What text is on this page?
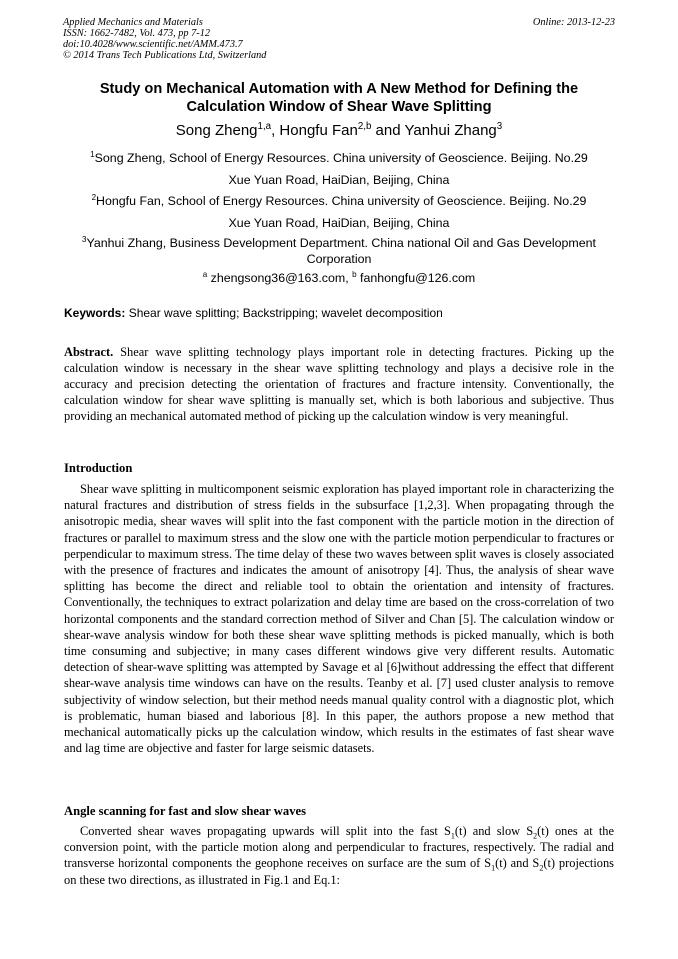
Applied Mechanics and Materials
ISSN: 1662-7482, Vol. 473, pp 7-12
doi:10.4028/www.scientific.net/AMM.473.7
© 2014 Trans Tech Publications Ltd, Switzerland
Online: 2013-12-23
Study on Mechanical Automation with A New Method for Defining the Calculation Window of Shear Wave Splitting
Song Zheng$^{1,a}$, Hongfu Fan$^{2,b}$ and Yanhui Zhang$^3$
$^1$Song Zheng, School of Energy Resources. China university of Geoscience. Beijing. No.29
Xue Yuan Road, HaiDian, Beijing, China
$^2$Hongfu Fan, School of Energy Resources. China university of Geoscience. Beijing. No.29
Xue Yuan Road, HaiDian, Beijing, China
$^3$Yanhui Zhang, Business Development Department. China national Oil and Gas Development Corporation
$^a$ zhengsong36@163.com, $^b$ fanhongfu@126.com
Keywords: Shear wave splitting; Backstripping; wavelet decomposition
Abstract. Shear wave splitting technology plays important role in detecting fractures. Picking up the calculation window is necessary in the shear wave splitting technology and plays a decisive role in the accuracy and precision detecting the orientation of fractures and fracture intensity. Conventionally, the calculation window for shear wave splitting is manually set, which is both laborious and subjective. Thus providing an mechanical automated method of picking up the calculation window is very meaningful.
Introduction
Shear wave splitting in multicomponent seismic exploration has played important role in characterizing the natural fractures and distribution of stress fields in the subsurface [1,2,3]. When propagating through the anisotropic media, shear waves will split into the fast component with the particle motion in the direction of fractures or parallel to maximum stress and the slow one with the particle motion perpendicular to fractures or perpendicular to maximum stress. The time delay of these two waves between split waves is closely associated with the presence of fractures and indicates the amount of anisotropy [4]. Thus, the analysis of shear wave splitting has become the direct and reliable tool to obtain the orientation and intensity of fractures. Conventionally, the techniques to extract polarization and delay time are based on the cross-correlation of two horizontal components and the standard correction method of Silver and Chan [5]. The calculation window or shear-wave analysis window for both these shear wave splitting methods is picked manually, which is both time consuming and subjective; in many cases different windows give very different results. Automatic detection of shear-wave splitting was attempted by Savage et al [6]without addressing the effect that different shear-wave analysis time windows can have on the results. Teanby et al. [7] used cluster analysis to remove subjectivity of window selection, but their method needs manual quality control with a diagnostic plot, which is problematic, human biased and laborious [8]. In this paper, the authors propose a new method that mechanical automatically picks up the calculation window, which results in the estimates of fast shear wave and lag time are objective and faster for large seismic datasets.
Angle scanning for fast and slow shear waves
Converted shear waves propagating upwards will split into the fast $S_1(t)$ and slow $S_2(t)$ ones at the conversion point, with the particle motion along and perpendicular to fractures, respectively. The radial and transverse horizontal components the geophone receives on surface are the sum of $S_1(t)$ and $S_2(t)$ projections on these two directions, as illustrated in Fig.1 and Eq.1:
